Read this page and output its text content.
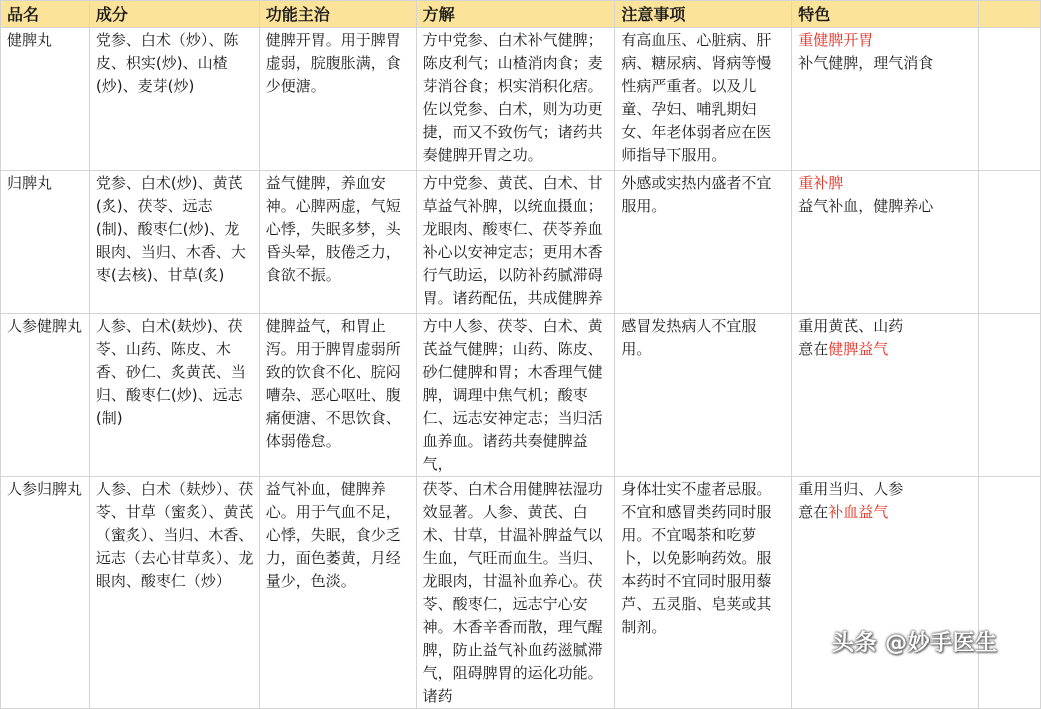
品名	成分	功能主治	方解	注意事项	特色	
健脾丸	党参、白术（炒）、陈皮、枳实(炒)、山楂(炒)、麦芽(炒)	健脾开胃。用于脾胃虚弱，脘腹胀满，食少便溏。	方中党参、白术补气健脾；陈皮利气；山楂消肉食；麦芽消谷食；枳实消积化痞。佐以党参、白术，则为功更捷，而又不致伤气；诸药共奏健脾开胃之功。	有高血压、心脏病、肝病、糖尿病、肾病等慢性病严重者。以及儿童、孕妇、哺乳期妇女、年老体弱者应在医师指导下服用。	重健脾开胃
补气健脾，理气消食	

归脾丸	党参、白术(炒)、黄芪(炙)、茯苓、远志(制)、酸枣仁(炒)、龙眼肉、当归、木香、大枣(去核)、甘草(炙)	益气健脾，养血安神。心脾两虚，气短心悸，失眠多梦，头昏头晕，肢倦乏力，食欲不振。	方中党参、黄芪、白术、甘草益气补脾，以统血摄血；龙眼肉、酸枣仁、茯苓养血补心以安神定志；更用木香行气助运，以防补药腻滞碍胃。诸药配伍，共成健脾养	外感或实热内盛者不宜服用。	重补脾
益气补血，健脾养心	

人参健脾丸	人参、白术(麸炒)、茯苓、山药、陈皮、木香、砂仁、炙黄芪、当归、酸枣仁(炒)、远志(制)	健脾益气，和胃止泻。用于脾胃虚弱所致的饮食不化、脘闷嘈杂、恶心呕吐、腹痛便溏、不思饮食、体弱倦怠。	方中人参、茯苓、白术、黄芪益气健脾；山药、陈皮、砂仁健脾和胃；木香理气健脾，调理中焦气机；酸枣仁、远志安神定志；当归活血养血。诸药共奏健脾益气，	感冒发热病人不宜服用。	重用黄芪、山药
意在健脾益气	

人参归脾丸	人参、白术（麸炒）、茯苓、甘草（蜜炙）、黄芪（蜜炙）、当归、木香、远志（去心甘草炙）、龙眼肉、酸枣仁（炒）	益气补血，健脾养心。用于气血不足，心悸，失眠，食少乏力，面色萎黄，月经量少，色淡。	茯苓、白术合用健脾祛湿功效显著。人参、黄芪、白术、甘草，甘温补脾益气以生血，气旺而血生。当归、龙眼肉，甘温补血养心。茯苓、酸枣仁，远志宁心安神。木香辛香而散，理气醒脾，防止益气补血药滋腻滞气，阻碍脾胃的运化功能。诸药	身体壮实不虚者忌服。不宜和感冒类药同时服用。不宜喝茶和吃萝卜，以免影响药效。服本药时不宜同时服用藜芦、五灵脂、皂荚或其制剂。	重用当归、人参
意在补血益气	

头条 @妙手医生
